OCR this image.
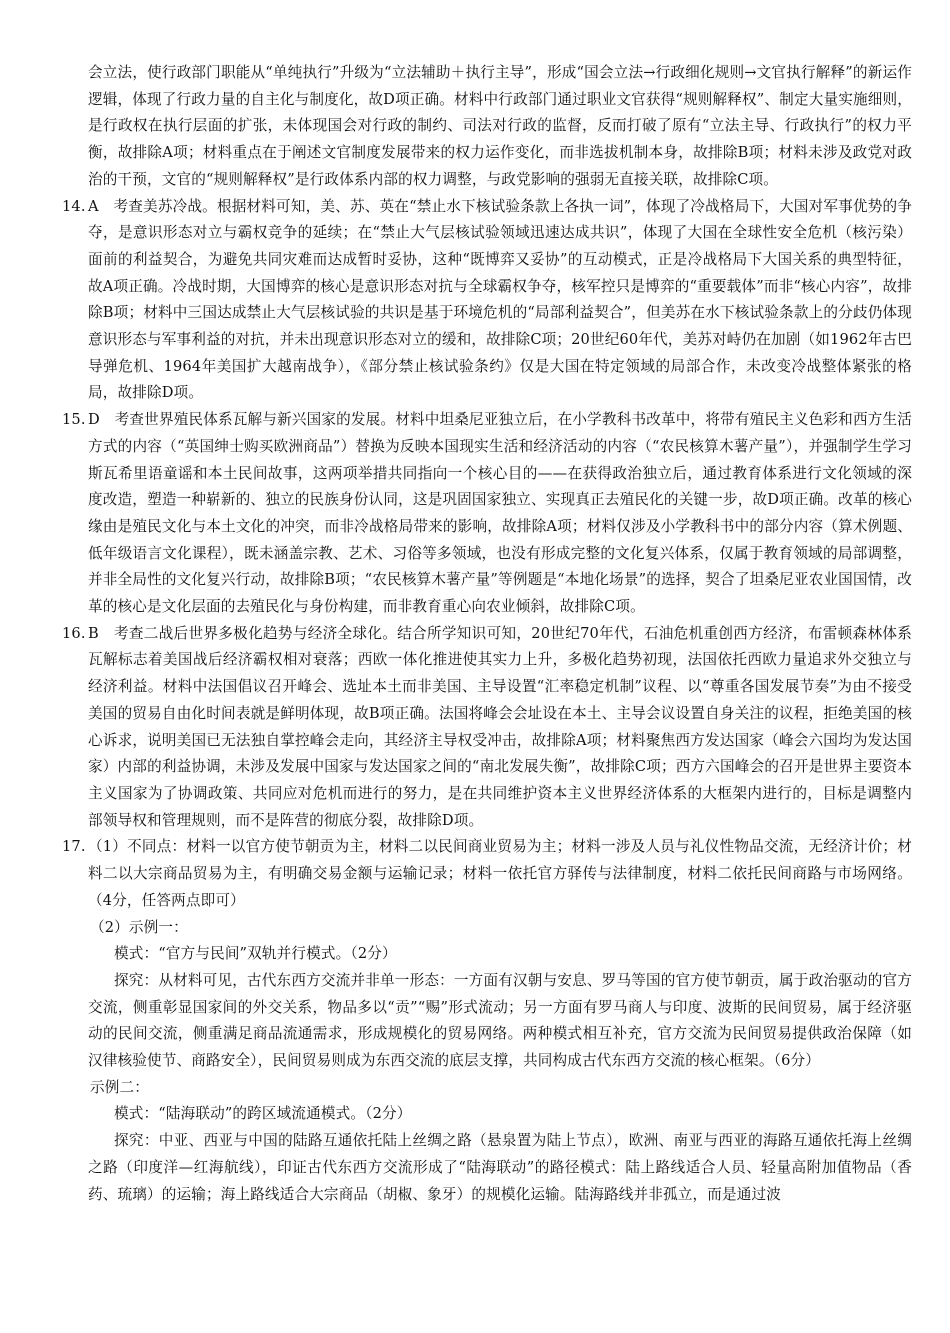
会立法，使行政部门职能从“单纯执行”升级为“立法辅助＋执行主导”，形成“国会立法→行政细化规则→文官执行解释”的新运作逻辑，体现了行政力量的自主化与制度化，故D项正确。材料中行政部门通过职业文官获得“规则解释权”、制定大量实施细则，是行政权在执行层面的扩张，未体现国会对行政的制约、司法对行政的监督，反而打破了原有“立法主导、行政执行”的权力平衡，故排除A项；材料重点在于阐述文官制度发展带来的权力运作变化，而非选拔机制本身，故排除B项；材料未涉及政党对政治的干预，文官的“规则解释权”是行政体系内部的权力调整，与政党影响的强弱无直接关联，故排除C项。

14. A　考查美苏冷战。根据材料可知，美、苏、英在“禁止水下核试验条款上各执一词”，体现了冷战格局下，大国对军事优势的争夺，是意识形态对立与霸权竞争的延续；在“禁止大气层核试验领域迅速达成共识”，体现了大国在全球性安全危机（核污染）面前的利益契合，为避免共同灾难而达成暂时妥协，这种“既博弈又妥协”的互动模式，正是冷战格局下大国关系的典型特征，故A项正确。冷战时期，大国博弈的核心是意识形态对抗与全球霸权争夺，核军控只是博弈的“重要载体”而非“核心内容”，故排除B项；材料中三国达成禁止大气层核试验的共识是基于环境危机的“局部利益契合”，但美苏在水下核试验条款上的分歧仍体现意识形态与军事利益的对抗，并未出现意识形态对立的缓和，故排除C项；20世纪60年代，美苏对峙仍在加剧（如1962年古巴导弹危机、1964年美国扩大越南战争），《部分禁止核试验条约》仅是大国在特定领域的局部合作，未改变冷战整体紧张的格局，故排除D项。

15. D　考查世界殖民体系瓦解与新兴国家的发展。材料中坦桑尼亚独立后，在小学教科书改革中，将带有殖民主义色彩和西方生活方式的内容（“英国绅士购买欧洲商品”）替换为反映本国现实生活和经济活动的内容（“农民核算木薯产量”），并强制学生学习斯瓦希里语童谣和本土民间故事，这两项举措共同指向一个核心目的——在获得政治独立后，通过教育体系进行文化领域的深度改造，塑造一种崭新的、独立的民族身份认同，这是巩固国家独立、实现真正去殖民化的关键一步，故D项正确。改革的核心缘由是殖民文化与本土文化的冲突，而非冷战格局带来的影响，故排除A项；材料仅涉及小学教科书中的部分内容（算术例题、低年级语言文化课程），既未涵盖宗教、艺术、习俗等多领域，也没有形成完整的文化复兴体系，仅属于教育领域的局部调整，并非全局性的文化复兴行动，故排除B项；“农民核算木薯产量”等例题是“本地化场景”的选择，契合了坦桑尼亚农业国国情，改革的核心是文化层面的去殖民化与身份构建，而非教育重心向农业倾斜，故排除C项。

16. B　考查二战后世界多极化趋势与经济全球化。结合所学知识可知，20世纪70年代，石油危机重创西方经济，布雷顿森林体系瓦解标志着美国战后经济霸权相对衰落；西欧一体化推进使其实力上升，多极化趋势初现，法国依托西欧力量追求外交独立与经济利益。材料中法国倡议召开峰会、选址本土而非美国、主导设置“汇率稳定机制”议程、以“尊重各国发展节奏”为由不接受美国的贸易自由化时间表就是鲜明体现，故B项正确。法国将峰会会址设在本土、主导会议设置自身关注的议程，拒绝美国的核心诉求，说明美国已无法独自掌控峰会走向，其经济主导权受冲击，故排除A项；材料聚焦西方发达国家（峰会六国均为发达国家）内部的利益协调，未涉及发展中国家与发达国家之间的“南北发展失衡”，故排除C项；西方六国峰会的召开是世界主要资本主义国家为了协调政策、共同应对危机而进行的努力，是在共同维护资本主义世界经济体系的大框架内进行的，目标是调整内部领导权和管理规则，而不是阵营的彻底分裂，故排除D项。

17. （1）不同点：材料一以官方使节朝贡为主，材料二以民间商业贸易为主；材料一涉及人员与礼仪性物品交流，无经济计价；材料二以大宗商品贸易为主，有明确交易金额与运输记录；材料一依托官方驿传与法律制度，材料二依托民间商路与市场网络。（4分，任答两点即可）

（2）示例一：

模式：“官方与民间”双轨并行模式。（2分）

探究：从材料可见，古代东西方交流并非单一形态：一方面有汉朝与安息、罗马等国的官方使节朝贡，属于政治驱动的官方交流，侧重彰显国家间的外交关系，物品多以“贡”“赐”形式流动；另一方面有罗马商人与印度、波斯的民间贸易，属于经济驱动的民间交流，侧重满足商品流通需求，形成规模化的贸易网络。两种模式相互补充，官方交流为民间贸易提供政治保障（如汉律核验使节、商路安全），民间贸易则成为东西交流的底层支撑，共同构成古代东西方交流的核心框架。（6分）

示例二：

模式：“陆海联动”的跨区域流通模式。（2分）

探究：中亚、西亚与中国的陆路互通依托陆上丝绸之路（悬泉置为陆上节点），欧洲、南亚与西亚的海路互通依托海上丝绸之路（印度洋—红海航线），印证古代东西方交流形成了“陆海联动”的路径模式：陆上路线适合人员、轻量高附加值物品（香药、琉璃）的运输；海上路线适合大宗商品（胡椒、象牙）的规模化运输。陆海路线并非孤立，而是通过波
